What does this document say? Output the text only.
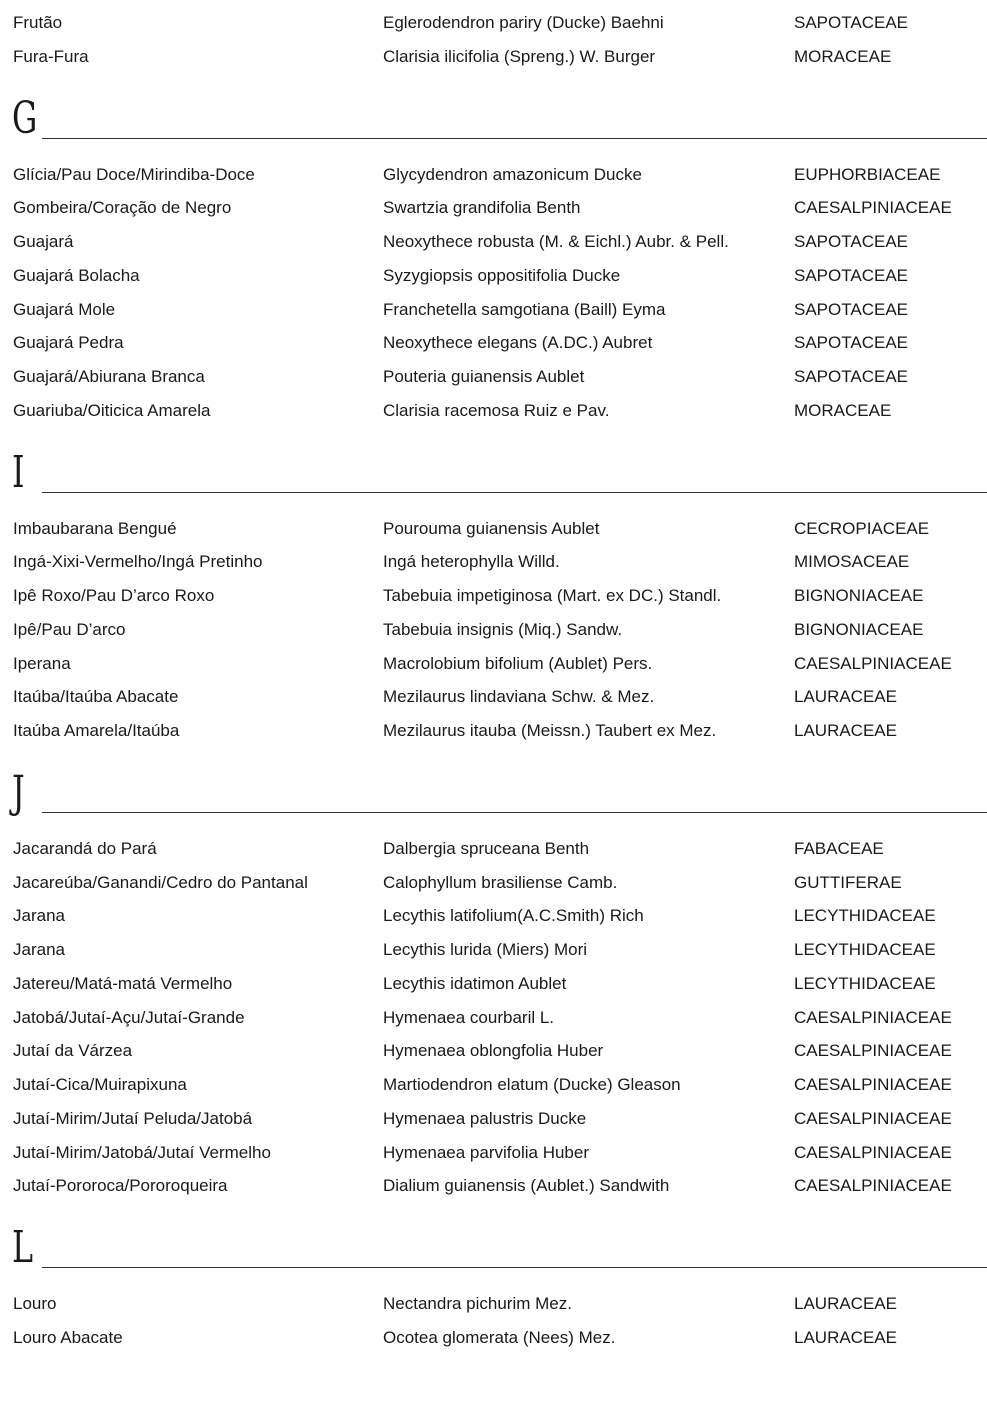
Frutão	Eglerodendron pariry (Ducke) Baehni	SAPOTACEAE
Fura-Fura	Clarisia ilicifolia (Spreng.) W. Burger	MORACEAE
G
Glícia/Pau Doce/Mirindiba-Doce	Glycydendron amazonicum Ducke	EUPHORBIACEAE
Gombeira/Coração de Negro	Swartzia grandifolia Benth	CAESALPINIACEAE
Guajará	Neoxythece robusta (M. & Eichl.) Aubr. & Pell.	SAPOTACEAE
Guajará Bolacha	Syzygiopsis oppositifolia Ducke	SAPOTACEAE
Guajará Mole	Franchetella samgotiana (Baill) Eyma	SAPOTACEAE
Guajará Pedra	Neoxythece elegans (A.DC.) Aubret	SAPOTACEAE
Guajará/Abiurana Branca	Pouteria guianensis Aublet	SAPOTACEAE
Guariuba/Oiticica Amarela	Clarisia racemosa Ruiz e Pav.	MORACEAE
I
Imbaubarana Bengué	Pourouma guianensis Aublet	CECROPIACEAE
Ingá-Xixi-Vermelho/Ingá Pretinho	Ingá heterophylla Willd.	MIMOSACEAE
Ipê Roxo/Pau D’arco Roxo	Tabebuia impetiginosa (Mart. ex DC.) Standl.	BIGNONIACEAE
Ipê/Pau D’arco	Tabebuia insignis (Miq.) Sandw.	BIGNONIACEAE
Iperana	Macrolobium bifolium (Aublet) Pers.	CAESALPINIACEAE
Itaúba/Itaúba Abacate	Mezilaurus lindaviana Schw. & Mez.	LAURACEAE
Itaúba Amarela/Itaúba	Mezilaurus itauba (Meissn.) Taubert ex Mez.	LAURACEAE
J
Jacarandá do Pará	Dalbergia spruceana Benth	FABACEAE
Jacareúba/Ganandi/Cedro do Pantanal	Calophyllum brasiliense Camb.	GUTTIFERAE
Jarana	Lecythis latifolium(A.C.Smith) Rich	LECYTHIDACEAE
Jarana	Lecythis lurida (Miers) Mori	LECYTHIDACEAE
Jatereu/Matá-matá Vermelho	Lecythis idatimon Aublet	LECYTHIDACEAE
Jatobá/Jutaí-Açu/Jutaí-Grande	Hymenaea courbaril L.	CAESALPINIACEAE
Jutaí da Várzea	Hymenaea oblongfolia Huber	CAESALPINIACEAE
Jutaí-Cica/Muirapixuna	Martiodendron elatum (Ducke) Gleason	CAESALPINIACEAE
Jutaí-Mirim/Jutaí Peluda/Jatobá	Hymenaea palustris Ducke	CAESALPINIACEAE
Jutaí-Mirim/Jatobá/Jutaí Vermelho	Hymenaea parvifolia Huber	CAESALPINIACEAE
Jutaí-Pororoca/Pororoqueira	Dialium guianensis (Aublet.) Sandwith	CAESALPINIACEAE
L
Louro	Nectandra pichurim Mez.	LAURACEAE
Louro Abacate	Ocotea glomerata (Nees) Mez.	LAURACEAE
